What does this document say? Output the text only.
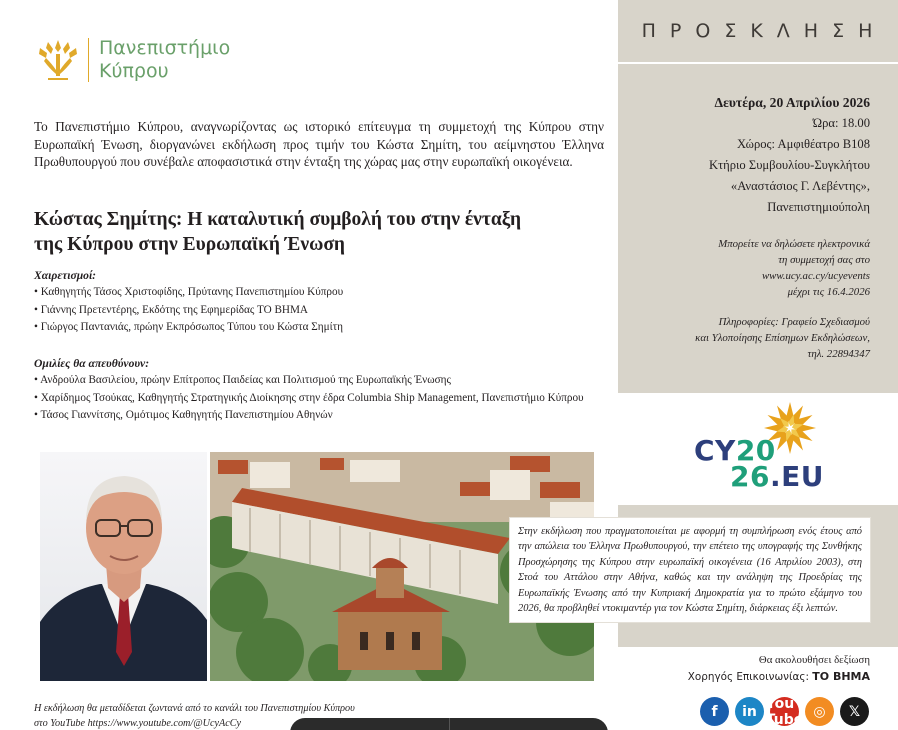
Πανεπιστήμιο
Κύπρου

Το Πανεπιστήμιο Κύπρου, αναγνωρίζοντας ως ιστορικό επίτευγμα τη συμμετοχή της Κύπρου στην Ευρωπαϊκή Ένωση, διοργανώνει εκδήλωση προς τιμήν του Κώστα Σημίτη, του αείμνηστου Έλληνα Πρωθυπουργού που συνέβαλε αποφασιστικά στην ένταξη της χώρας μας στην ευρωπαϊκή οικογένεια.

Κώστας Σημίτης: Η καταλυτική συμβολή του στην ένταξη
της Κύπρου στην Ευρωπαϊκή Ένωση
Χαιρετισμοί:
• Καθηγητής Τάσος Χριστοφίδης, Πρύτανης Πανεπιστημίου Κύπρου
• Γιάννης Πρετεντέρης, Εκδότης της Εφημερίδας ΤΟ ΒΗΜΑ
• Γιώργος Παντανιάς, πρώην Εκπρόσωπος Τύπου του Κώστα Σημίτη
Ομιλίες θα απευθύνουν:
• Ανδρούλα Βασιλείου, πρώην Επίτροπος Παιδείας και Πολιτισμού της Ευρωπαϊκής Ένωσης
• Χαρίδημος Τσούκας, Καθηγητής Στρατηγικής Διοίκησης στην έδρα Columbia Ship Management, Πανεπιστήμιο Κύπρου
• Τάσος Γιαννίτσης, Ομότιμος Καθηγητής Πανεπιστημίου Αθηνών
Η εκδήλωση θα μεταδίδεται ζωντανά από το κανάλι του Πανεπιστημίου Κύπρου
στο YouTube https://www.youtube.com/@UcyAcCy
ΠΡΟΣΚΛΗΣΗ
Δευτέρα, 20 Απριλίου 2026
Ώρα: 18.00
Χώρος: Αμφιθέατρο Β108
Κτήριο Συμβουλίου-Συγκλήτου
«Αναστάσιος Γ. Λεβέντης»,
Πανεπιστημιούπολη
Μπορείτε να δηλώσετε ηλεκτρονικά
τη συμμετοχή σας στο
www.ucy.ac.cy/ucyevents
μέχρι τις 16.4.2026
Πληροφορίες: Γραφείο Σχεδιασμού
και Υλοποίησης Επίσημων Εκδηλώσεων,
τηλ. 22894347
CY20
26.EU
Στην εκδήλωση που πραγματοποιείται με αφορμή τη συμπλήρωση ενός έτους από την απώλεια του Έλληνα Πρωθυπουργού, την επέτειο της υπογραφής της Συνθήκης Προσχώρησης της Κύπρου στην ευρωπαϊκή οικογένεια (16 Απριλίου 2003), στη Στοά του Αττάλου στην Αθήνα, καθώς και την ανάληψη της Προεδρίας της Ευρωπαϊκής Ένωσης από την Κυπριακή Δημοκρατία για το πρώτο εξάμηνο του 2026, θα προβληθεί ντοκιμαντέρ για τον Κώστα Σημίτη, διάρκειας έξι λεπτών.
Θα ακολουθήσει δεξίωση
Χορηγός Επικοινωνίας: ΤΟ ΒΗΜΑ
f	in You Tube ◎	𝕏
